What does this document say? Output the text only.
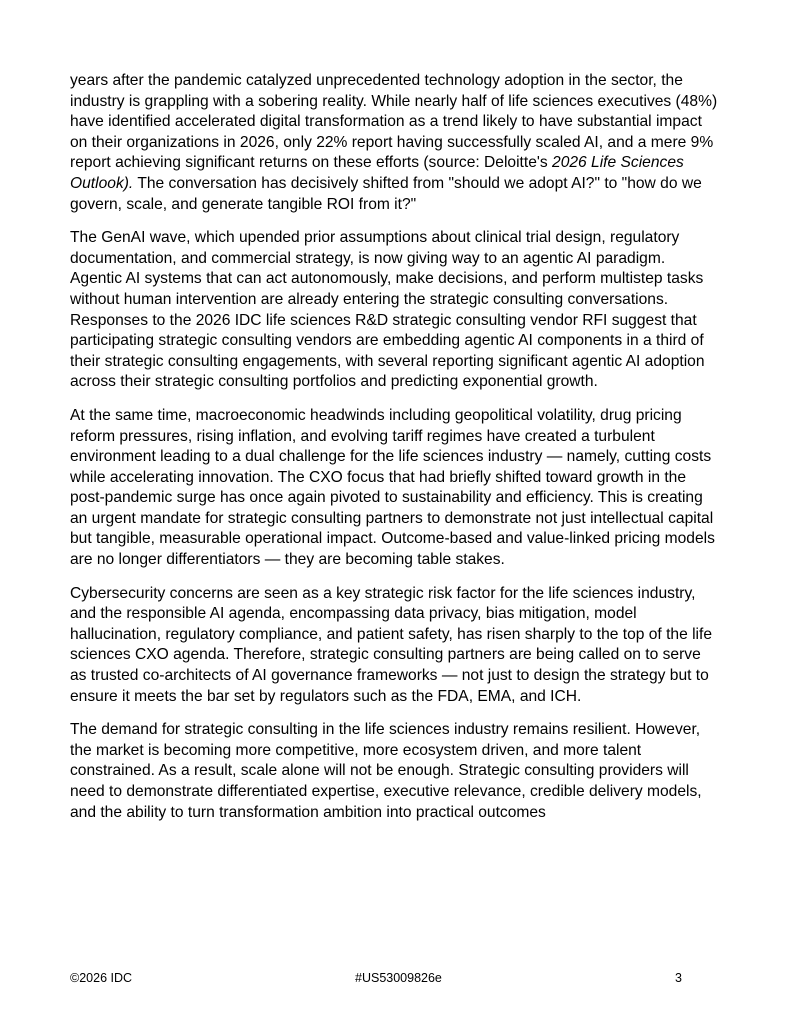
years after the pandemic catalyzed unprecedented technology adoption in the sector, the industry is grappling with a sobering reality. While nearly half of life sciences executives (48%) have identified accelerated digital transformation as a trend likely to have substantial impact on their organizations in 2026, only 22% report having successfully scaled AI, and a mere 9% report achieving significant returns on these efforts (source: Deloitte's 2026 Life Sciences Outlook). The conversation has decisively shifted from "should we adopt AI?" to "how do we govern, scale, and generate tangible ROI from it?"

The GenAI wave, which upended prior assumptions about clinical trial design, regulatory documentation, and commercial strategy, is now giving way to an agentic AI paradigm. Agentic AI systems that can act autonomously, make decisions, and perform multistep tasks without human intervention are already entering the strategic consulting conversations. Responses to the 2026 IDC life sciences R&D strategic consulting vendor RFI suggest that participating strategic consulting vendors are embedding agentic AI components in a third of their strategic consulting engagements, with several reporting significant agentic AI adoption across their strategic consulting portfolios and predicting exponential growth.

At the same time, macroeconomic headwinds including geopolitical volatility, drug pricing reform pressures, rising inflation, and evolving tariff regimes have created a turbulent environment leading to a dual challenge for the life sciences industry — namely, cutting costs while accelerating innovation. The CXO focus that had briefly shifted toward growth in the post-pandemic surge has once again pivoted to sustainability and efficiency. This is creating an urgent mandate for strategic consulting partners to demonstrate not just intellectual capital but tangible, measurable operational impact. Outcome-based and value-linked pricing models are no longer differentiators — they are becoming table stakes.

Cybersecurity concerns are seen as a key strategic risk factor for the life sciences industry, and the responsible AI agenda, encompassing data privacy, bias mitigation, model hallucination, regulatory compliance, and patient safety, has risen sharply to the top of the life sciences CXO agenda. Therefore, strategic consulting partners are being called on to serve as trusted co-architects of AI governance frameworks — not just to design the strategy but to ensure it meets the bar set by regulators such as the FDA, EMA, and ICH.

The demand for strategic consulting in the life sciences industry remains resilient. However, the market is becoming more competitive, more ecosystem driven, and more talent constrained. As a result, scale alone will not be enough. Strategic consulting providers will need to demonstrate differentiated expertise, executive relevance, credible delivery models, and the ability to turn transformation ambition into practical outcomes

©2026 IDC	#US53009826e	3
